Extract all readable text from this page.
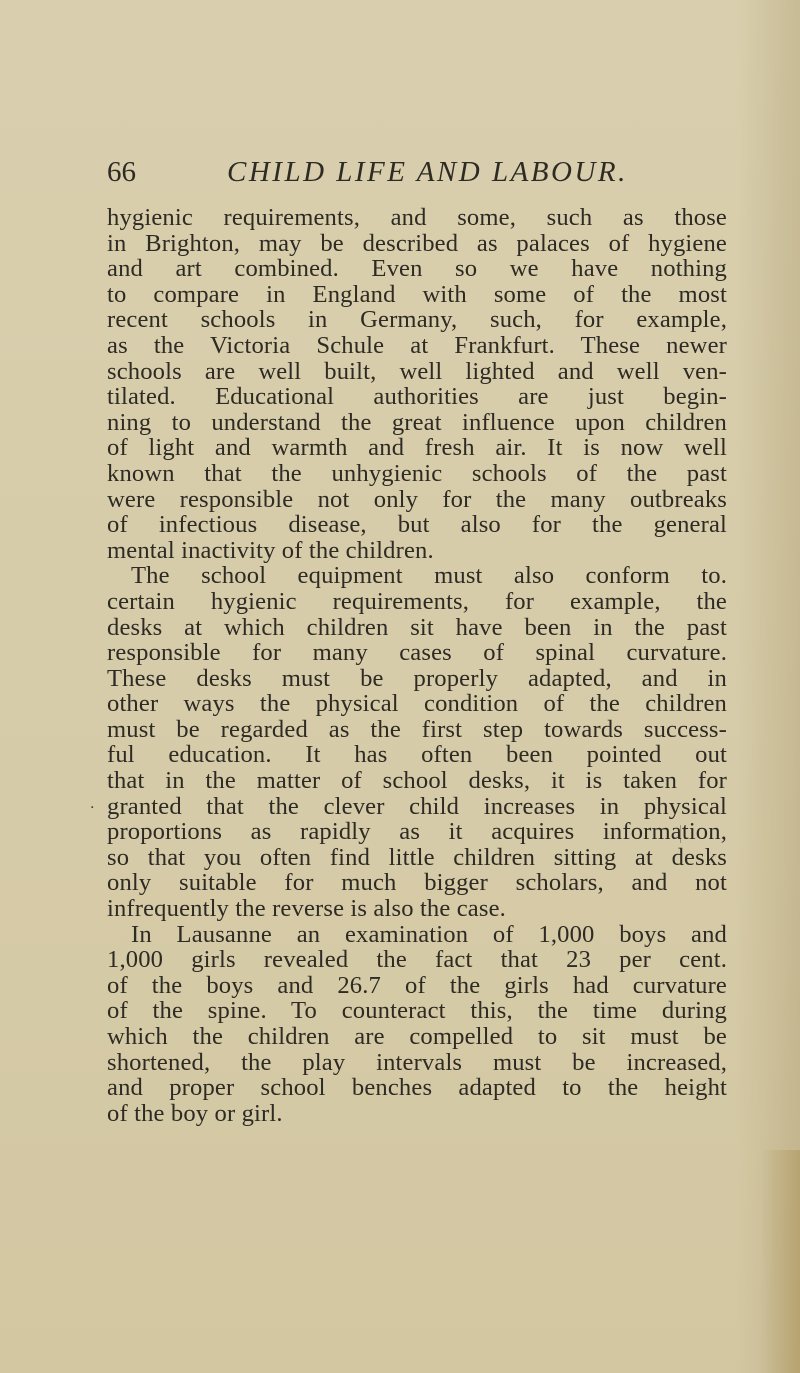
66	CHILD LIFE AND LABOUR.
.
hygienic requirements, and some, such as those
in Brighton, may be described as palaces of hygiene
and art combined. Even so we have nothing
to compare in England with some of the most
recent schools in Germany, such, for example,
as the Victoria Schule at Frankfurt. These newer
schools are well built, well lighted and well ven-
tilated. Educational authorities are just begin-
ning to understand the great influence upon children
of light and warmth and fresh air. It is now well
known that the unhygienic schools of the past
were responsible not only for the many outbreaks
of infectious disease, but also for the general
mental inactivity of the children.
The school equipment must also conform to.
certain hygienic requirements, for example, the
desks at which children sit have been in the past
responsible for many cases of spinal curvature.
These desks must be properly adapted, and in
other ways the physical condition of the children
must be regarded as the first step towards success-
ful education. It has often been pointed out
that in the matter of school desks, it is taken for
granted that the clever child increases in physical
proportions as rapidly as it acquires information,
so that you often find little children sitting at desks
only suitable for much bigger scholars, and not
infrequently the reverse is also the case.
In Lausanne an examination of 1,000 boys and
1,000 girls revealed the fact that 23 per cent.
of the boys and 26.7 of the girls had curvature
of the spine. To counteract this, the time during
which the children are compelled to sit must be
shortened, the play intervals must be increased,
and proper school benches adapted to the height
of the boy or girl.
